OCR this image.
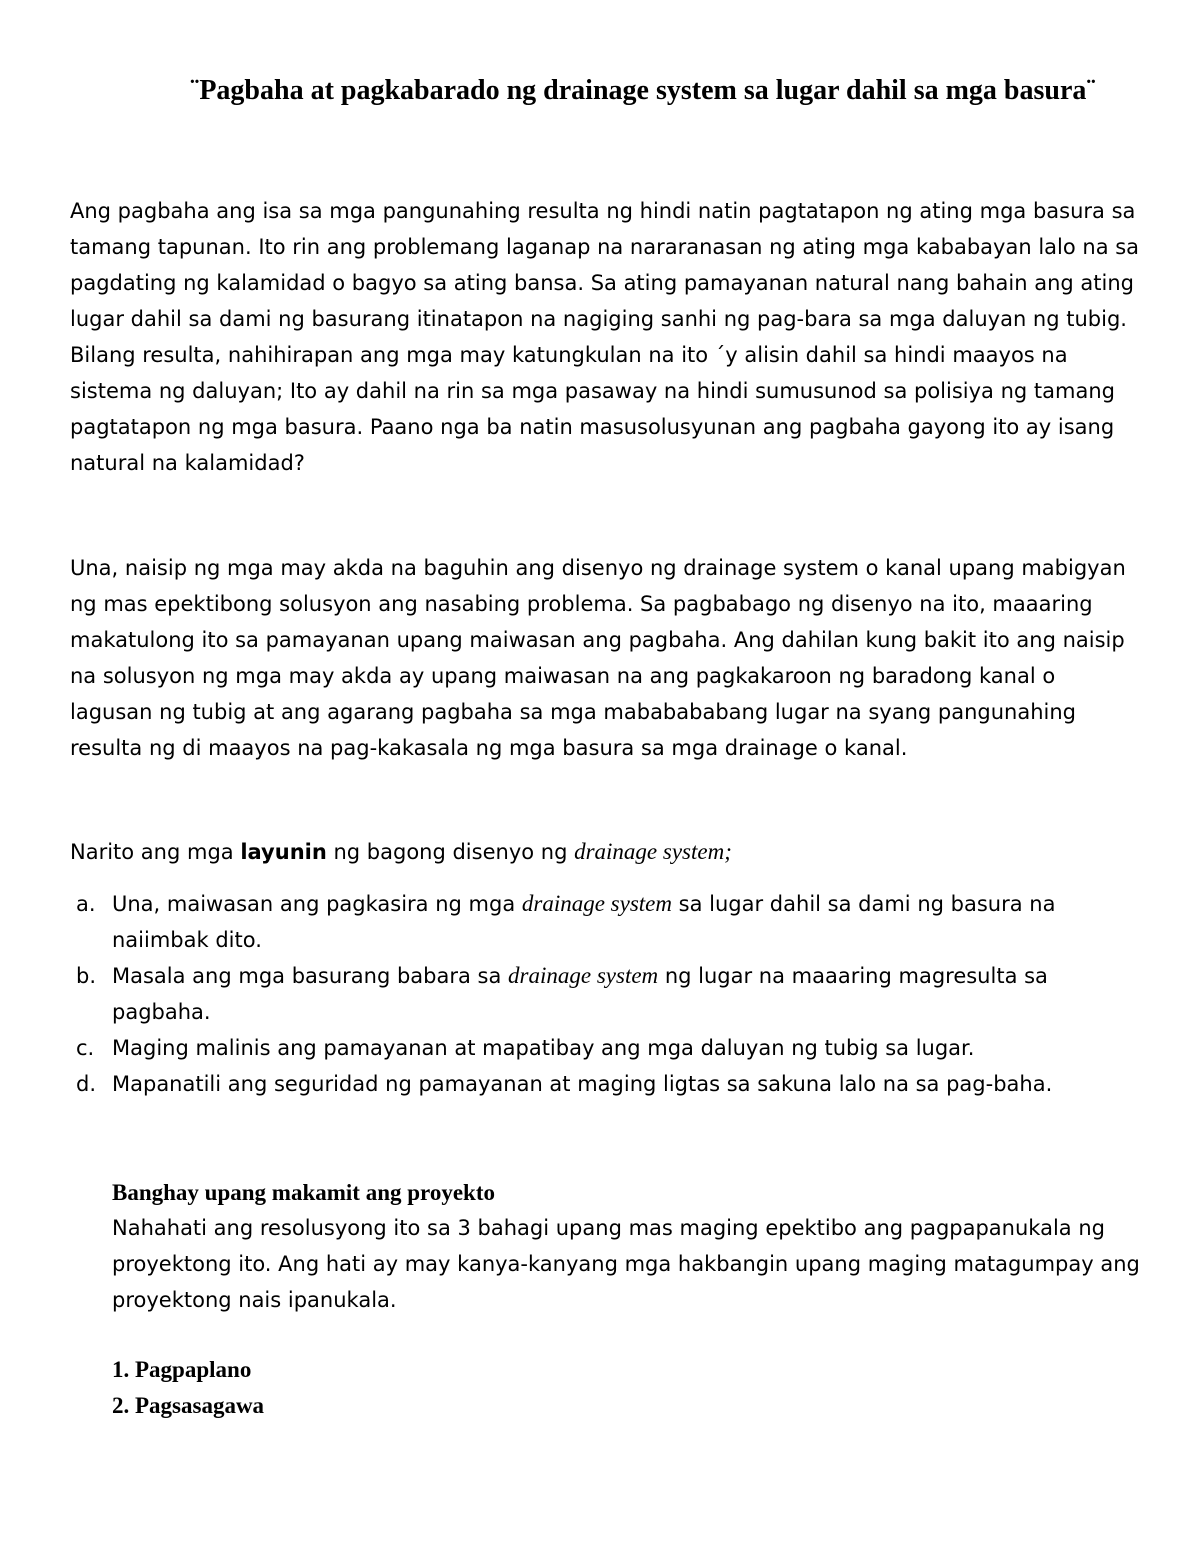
¨Pagbaha at pagkabarado ng drainage system sa lugar dahil sa mga basura¨

Ang pagbaha ang isa sa mga pangunahing resulta ng hindi natin pagtatapon ng ating mga basura sa tamang tapunan. Ito rin ang problemang laganap na nararanasan ng ating mga kababayan lalo na sa pagdating ng kalamidad o bagyo sa ating bansa. Sa ating pamayanan natural nang bahain ang ating lugar dahil sa dami ng basurang itinatapon na nagiging sanhi ng pag-bara sa mga daluyan ng tubig. Bilang resulta, nahihirapan ang mga may katungkulan na ito ´y alisin dahil sa hindi maayos na sistema ng daluyan; Ito ay dahil na rin sa mga pasaway na hindi sumusunod sa polisiya ng tamang pagtatapon ng mga basura. Paano nga ba natin masusolusyunan ang pagbaha gayong ito ay isang natural na kalamidad?

Una, naisip ng mga may akda na baguhin ang disenyo ng drainage system o kanal upang mabigyan ng mas epektibong solusyon ang nasabing problema. Sa pagbabago ng disenyo na ito, maaaring makatulong ito sa pamayanan upang maiwasan ang pagbaha. Ang dahilan kung bakit ito ang naisip na solusyon ng mga may akda ay upang maiwasan na ang pagkakaroon ng baradong kanal o lagusan ng tubig at ang agarang pagbaha sa mga mababababang lugar na syang pangunahing resulta ng di maayos na pag-kakasala ng mga basura sa mga drainage o kanal.

Narito ang mga layunin ng bagong disenyo ng drainage system;

a. Una, maiwasan ang pagkasira ng mga drainage system sa lugar dahil sa dami ng basura na naiimbak dito.
b. Masala ang mga basurang babara sa drainage system ng lugar na maaaring magresulta sa pagbaha.
c. Maging malinis ang pamayanan at mapatibay ang mga daluyan ng tubig sa lugar.
d. Mapanatili ang seguridad ng pamayanan at maging ligtas sa sakuna lalo na sa pag-baha.

Banghay upang makamit ang proyekto

Nahahati ang resolusyong ito sa 3 bahagi upang mas maging epektibo ang pagpapanukala ng proyektong ito. Ang hati ay may kanya-kanyang mga hakbangin upang maging matagumpay ang proyektong nais ipanukala.

1. Pagpaplano
2. Pagsasagawa
